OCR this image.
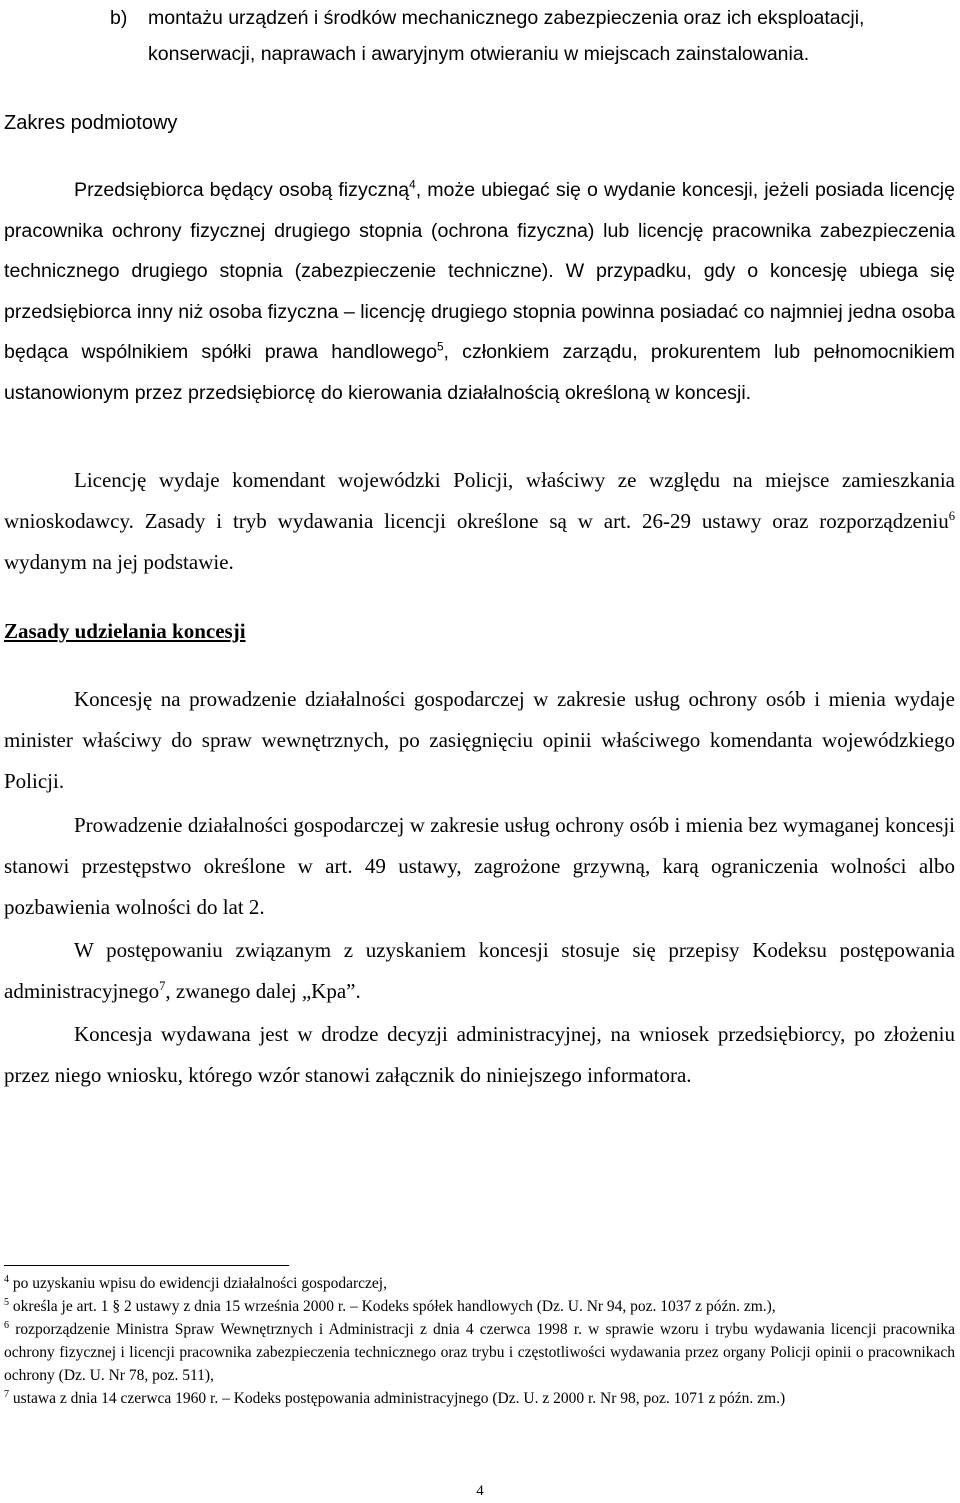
b) montażu urządzeń i środków mechanicznego zabezpieczenia oraz ich eksploatacji, konserwacji, naprawach i awaryjnym otwieraniu w miejscach zainstalowania.
Zakres podmiotowy

Przedsiębiorca będący osobą fizyczną$^4$, może ubiegać się o wydanie koncesji, jeżeli posiada licencję pracownika ochrony fizycznej drugiego stopnia (ochrona fizyczna) lub licencję pracownika zabezpieczenia technicznego drugiego stopnia (zabezpieczenie techniczne). W przypadku, gdy o koncesję ubiega się przedsiębiorca inny niż osoba fizyczna – licencję drugiego stopnia powinna posiadać co najmniej jedna osoba będąca wspólnikiem spółki prawa handlowego$^5$, członkiem zarządu, prokurentem lub pełnomocnikiem ustanowionym przez przedsiębiorcę do kierowania działalnością określoną w koncesji.

Licencję wydaje komendant wojewódzki Policji, właściwy ze względu na miejsce zamieszkania wnioskodawcy. Zasady i tryb wydawania licencji określone są w art. 26-29 ustawy oraz rozporządzeniu$^6$ wydanym na jej podstawie.

Zasady udzielania koncesji

Koncesję na prowadzenie działalności gospodarczej w zakresie usług ochrony osób i mienia wydaje minister właściwy do spraw wewnętrznych, po zasięgnięciu opinii właściwego komendanta wojewódzkiego Policji.

Prowadzenie działalności gospodarczej w zakresie usług ochrony osób i mienia bez wymaganej koncesji stanowi przestępstwo określone w art. 49 ustawy, zagrożone grzywną, karą ograniczenia wolności albo pozbawienia wolności do lat 2.

W postępowaniu związanym z uzyskaniem koncesji stosuje się przepisy Kodeksu postępowania administracyjnego$^7$, zwanego dalej „Kpa”.

Koncesja wydawana jest w drodze decyzji administracyjnej, na wniosek przedsiębiorcy, po złożeniu przez niego wniosku, którego wzór stanowi załącznik do niniejszego informatora.

$^4$ po uzyskaniu wpisu do ewidencji działalności gospodarczej,

$^5$ określa je art. 1 § 2 ustawy z dnia 15 września 2000 r. – Kodeks spółek handlowych (Dz. U. Nr 94, poz. 1037 z późn. zm.),

$^6$ rozporządzenie Ministra Spraw Wewnętrznych i Administracji z dnia 4 czerwca 1998 r. w sprawie wzoru i trybu wydawania licencji pracownika ochrony fizycznej i licencji pracownika zabezpieczenia technicznego oraz trybu i częstotliwości wydawania przez organy Policji opinii o pracownikach ochrony (Dz. U. Nr 78, poz. 511),

$^7$ ustawa z dnia 14 czerwca 1960 r. – Kodeks postępowania administracyjnego (Dz. U. z 2000 r. Nr 98, poz. 1071 z późn. zm.)

4
